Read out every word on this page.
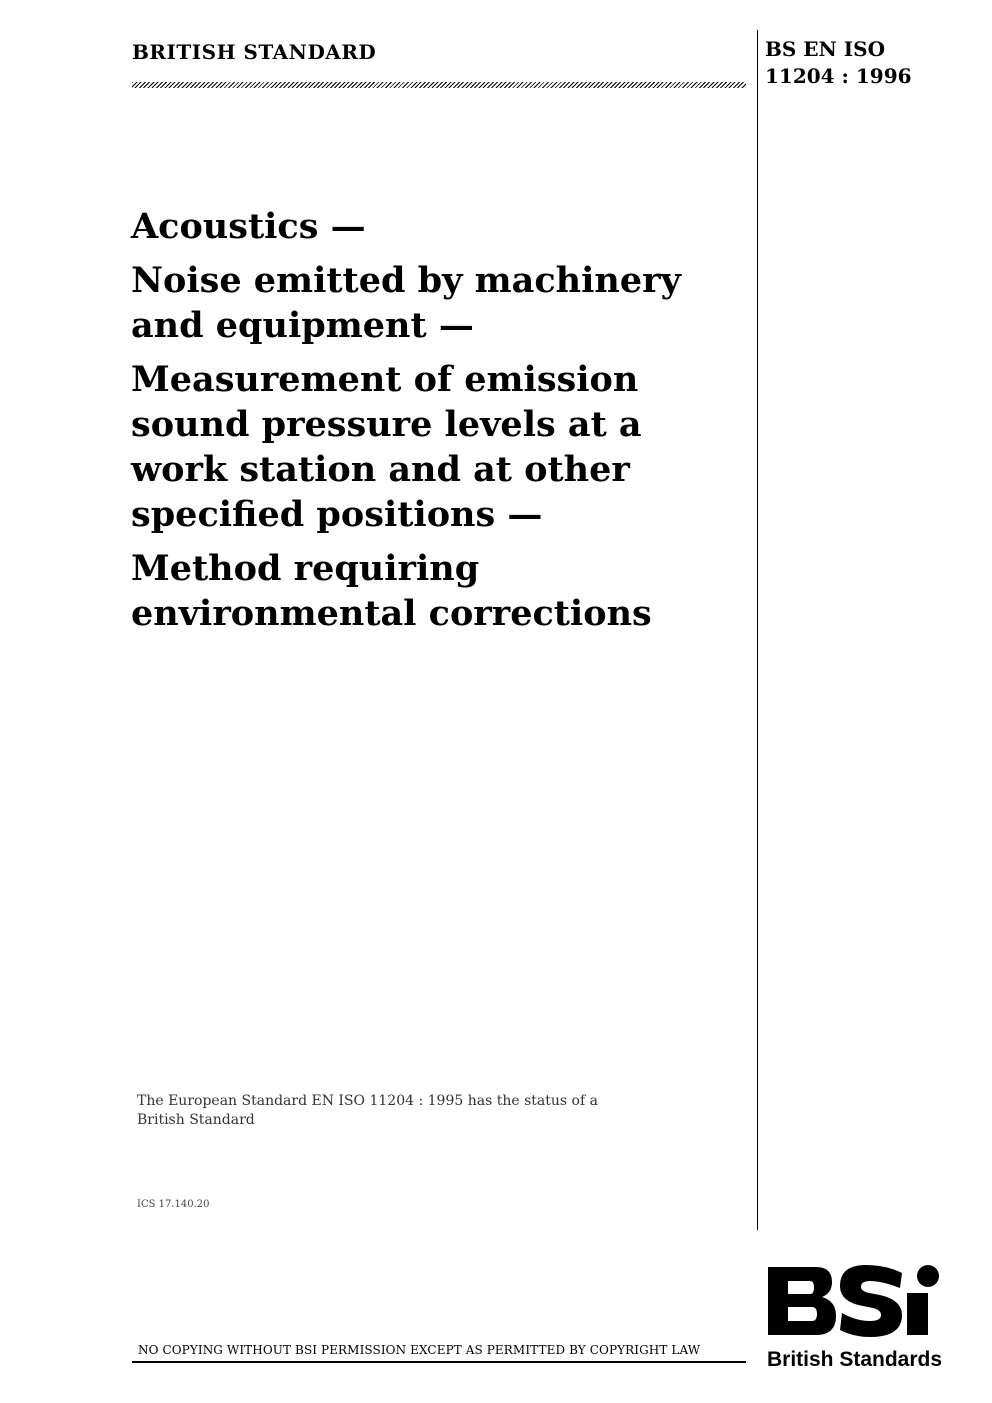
BRITISH STANDARD	BS EN ISO
11204 : 1996
Acoustics —
Noise emitted by machinery and equipment —
Measurement of emission sound pressure levels at a work station and at other specified positions —
Method requiring environmental corrections
The European Standard EN ISO 11204 : 1995 has the status of a British Standard
ICS 17.140.20
British Standards
NO COPYING WITHOUT BSI PERMISSION EXCEPT AS PERMITTED BY COPYRIGHT LAW
